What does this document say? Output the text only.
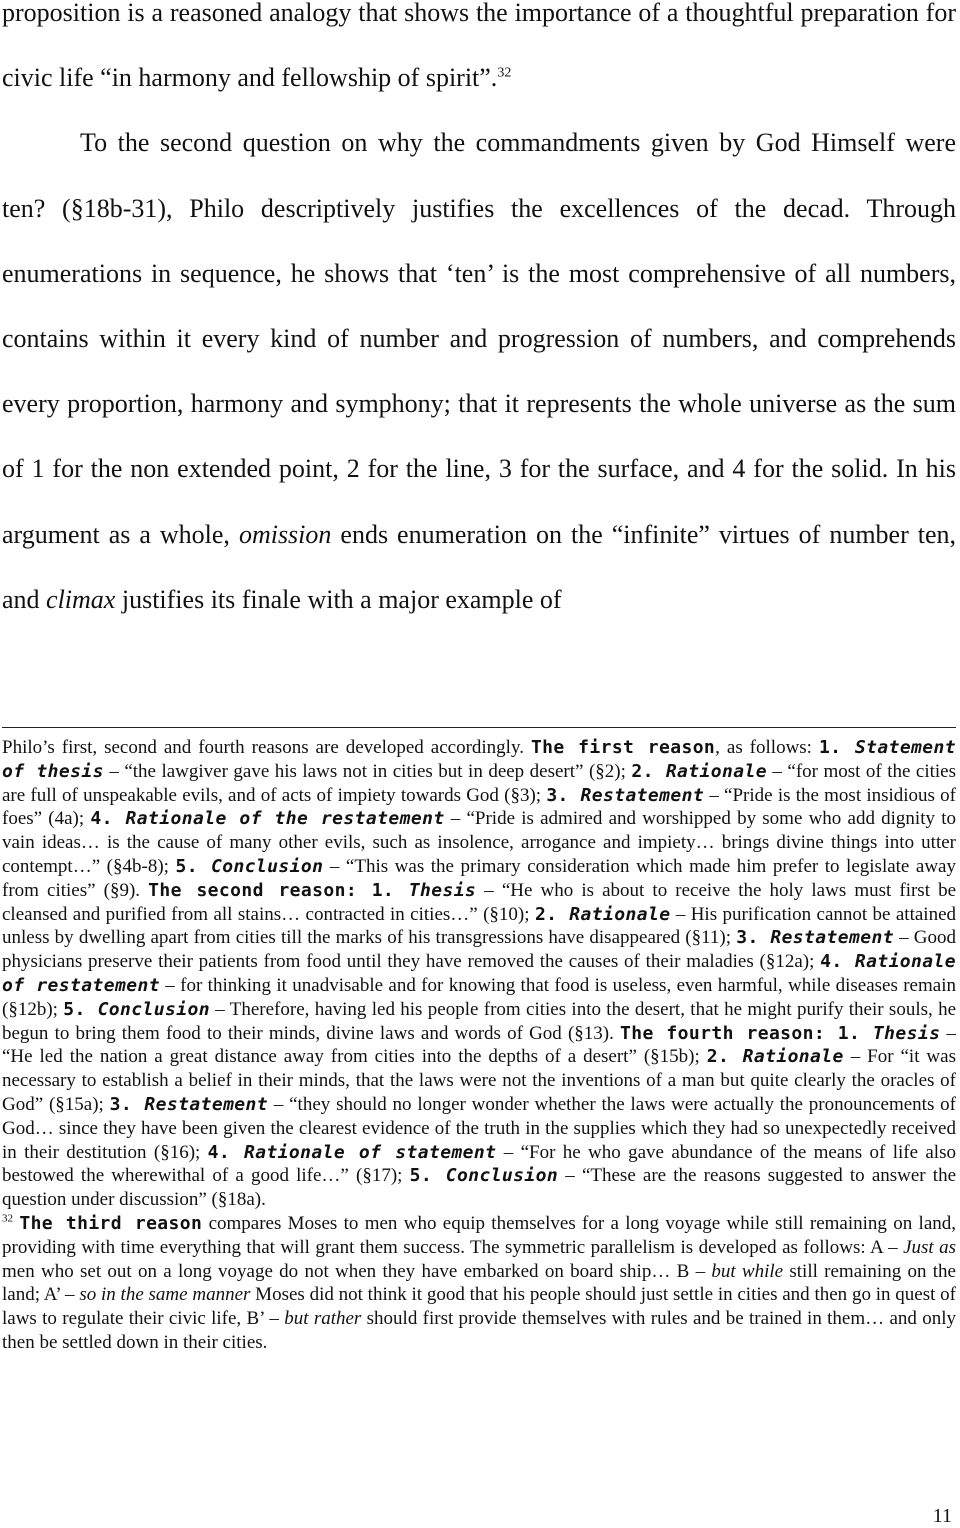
proposition is a reasoned analogy that shows the importance of a thoughtful preparation for civic life “in harmony and fellowship of spirit”.$^{32}$

To the second question on why the commandments given by God Himself were ten? (§18b-31), Philo descriptively justifies the excellences of the decad. Through enumerations in sequence, he shows that ‘ten’ is the most comprehensive of all numbers, contains within it every kind of number and progression of numbers, and comprehends every proportion, harmony and symphony; that it represents the whole universe as the sum of 1 for the non extended point, 2 for the line, 3 for the surface, and 4 for the solid. In his argument as a whole, omission ends enumeration on the “infinite” virtues of number ten, and climax justifies its finale with a major example of

Philo’s first, second and fourth reasons are developed accordingly. The first reason, as follows: 1. Statement of thesis – “the lawgiver gave his laws not in cities but in deep desert” (§2); 2. Rationale – “for most of the cities are full of unspeakable evils, and of acts of impiety towards God (§3); 3. Restatement – “Pride is the most insidious of foes” (4a); 4. Rationale of the restatement – “Pride is admired and worshipped by some who add dignity to vain ideas… is the cause of many other evils, such as insolence, arrogance and impiety… brings divine things into utter contempt…” (§4b-8); 5. Conclusion – “This was the primary consideration which made him prefer to legislate away from cities” (§9). The second reason: 1. Thesis – “He who is about to receive the holy laws must first be cleansed and purified from all stains… contracted in cities…” (§10); 2. Rationale – His purification cannot be attained unless by dwelling apart from cities till the marks of his transgressions have disappeared (§11); 3. Restatement – Good physicians preserve their patients from food until they have removed the causes of their maladies (§12a); 4. Rationale of restatement – for thinking it unadvisable and for knowing that food is useless, even harmful, while diseases remain (§12b); 5. Conclusion – Therefore, having led his people from cities into the desert, that he might purify their souls, he begun to bring them food to their minds, divine laws and words of God (§13). The fourth reason: 1. Thesis – “He led the nation a great distance away from cities into the depths of a desert” (§15b); 2. Rationale – For “it was necessary to establish a belief in their minds, that the laws were not the inventions of a man but quite clearly the oracles of God” (§15a); 3. Restatement – “they should no longer wonder whether the laws were actually the pronouncements of God… since they have been given the clearest evidence of the truth in the supplies which they had so unexpectedly received in their destitution (§16); 4. Rationale of statement – “For he who gave abundance of the means of life also bestowed the wherewithal of a good life…” (§17); 5. Conclusion – “These are the reasons suggested to answer the question under discussion” (§18a).

$^{32}$ The third reason compares Moses to men who equip themselves for a long voyage while still remaining on land, providing with time everything that will grant them success. The symmetric parallelism is developed as follows: A – Just as men who set out on a long voyage do not when they have embarked on board ship… B – but while still remaining on the land; A’ – so in the same manner Moses did not think it good that his people should just settle in cities and then go in quest of laws to regulate their civic life, B’ – but rather should first provide themselves with rules and be trained in them… and only then be settled down in their cities.

11
